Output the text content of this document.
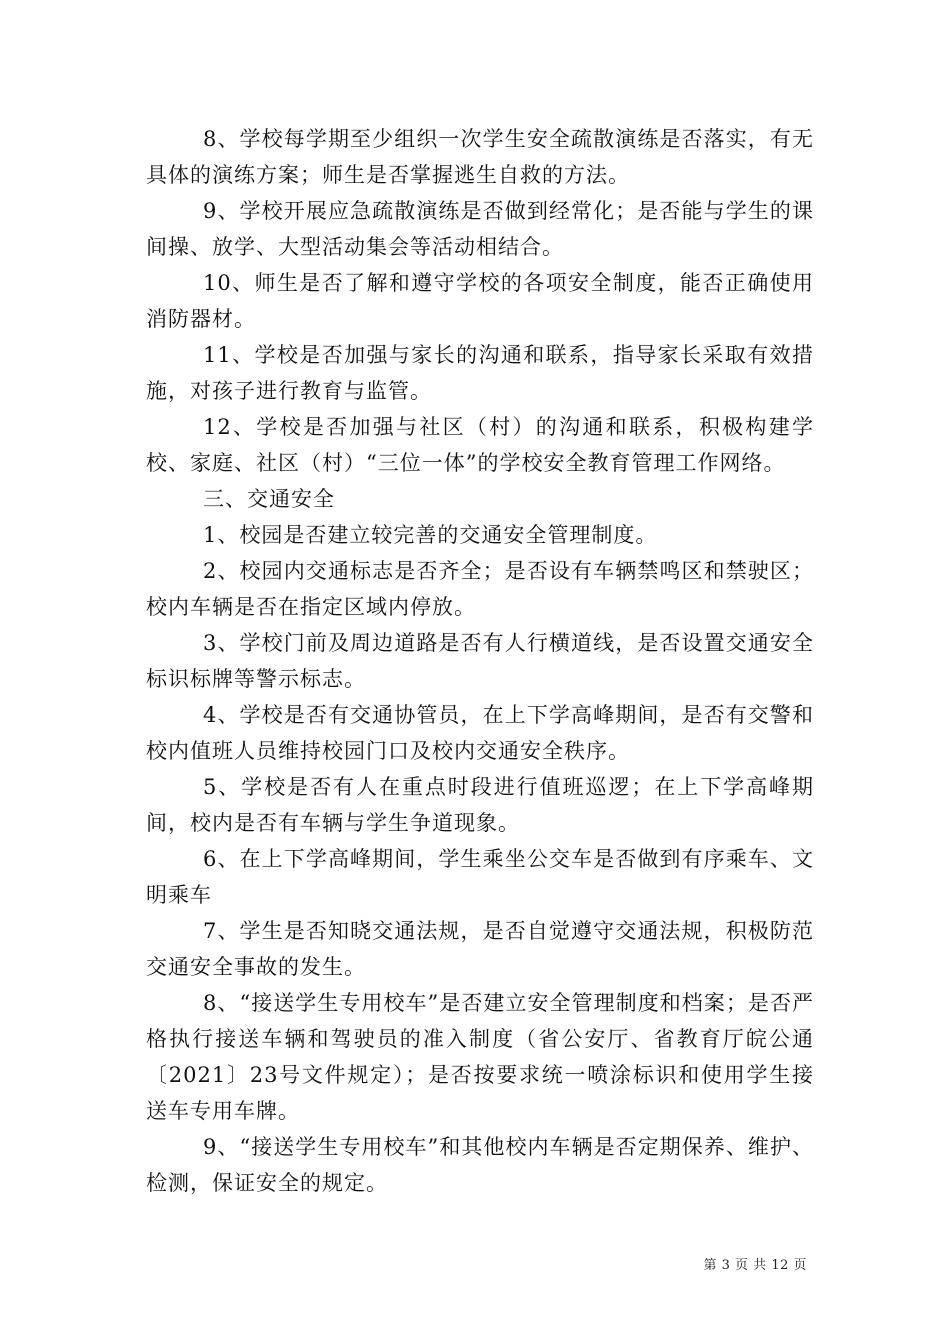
8、学校每学期至少组织一次学生安全疏散演练是否落实，有无具体的演练方案；师生是否掌握逃生自救的方法。

9、学校开展应急疏散演练是否做到经常化；是否能与学生的课间操、放学、大型活动集会等活动相结合。

10、师生是否了解和遵守学校的各项安全制度，能否正确使用消防器材。

11、学校是否加强与家长的沟通和联系，指导家长采取有效措施，对孩子进行教育与监管。

12、学校是否加强与社区（村）的沟通和联系，积极构建学校、家庭、社区（村）“三位一体”的学校安全教育管理工作网络。

三、交通安全

1、校园是否建立较完善的交通安全管理制度。

2、校园内交通标志是否齐全；是否设有车辆禁鸣区和禁驶区；校内车辆是否在指定区域内停放。

3、学校门前及周边道路是否有人行横道线，是否设置交通安全标识标牌等警示标志。

4、学校是否有交通协管员，在上下学高峰期间，是否有交警和校内值班人员维持校园门口及校内交通安全秩序。

5、学校是否有人在重点时段进行值班巡逻；在上下学高峰期间，校内是否有车辆与学生争道现象。

6、在上下学高峰期间，学生乘坐公交车是否做到有序乘车、文明乘车

7、学生是否知晓交通法规，是否自觉遵守交通法规，积极防范交通安全事故的发生。

8、“接送学生专用校车”是否建立安全管理制度和档案；是否严格执行接送车辆和驾驶员的准入制度（省公安厅、省教育厅皖公通〔2021〕23号文件规定）；是否按要求统一喷涂标识和使用学生接送车专用车牌。

9、“接送学生专用校车”和其他校内车辆是否定期保养、维护、检测，保证安全的规定。

第 3 页 共 12 页
